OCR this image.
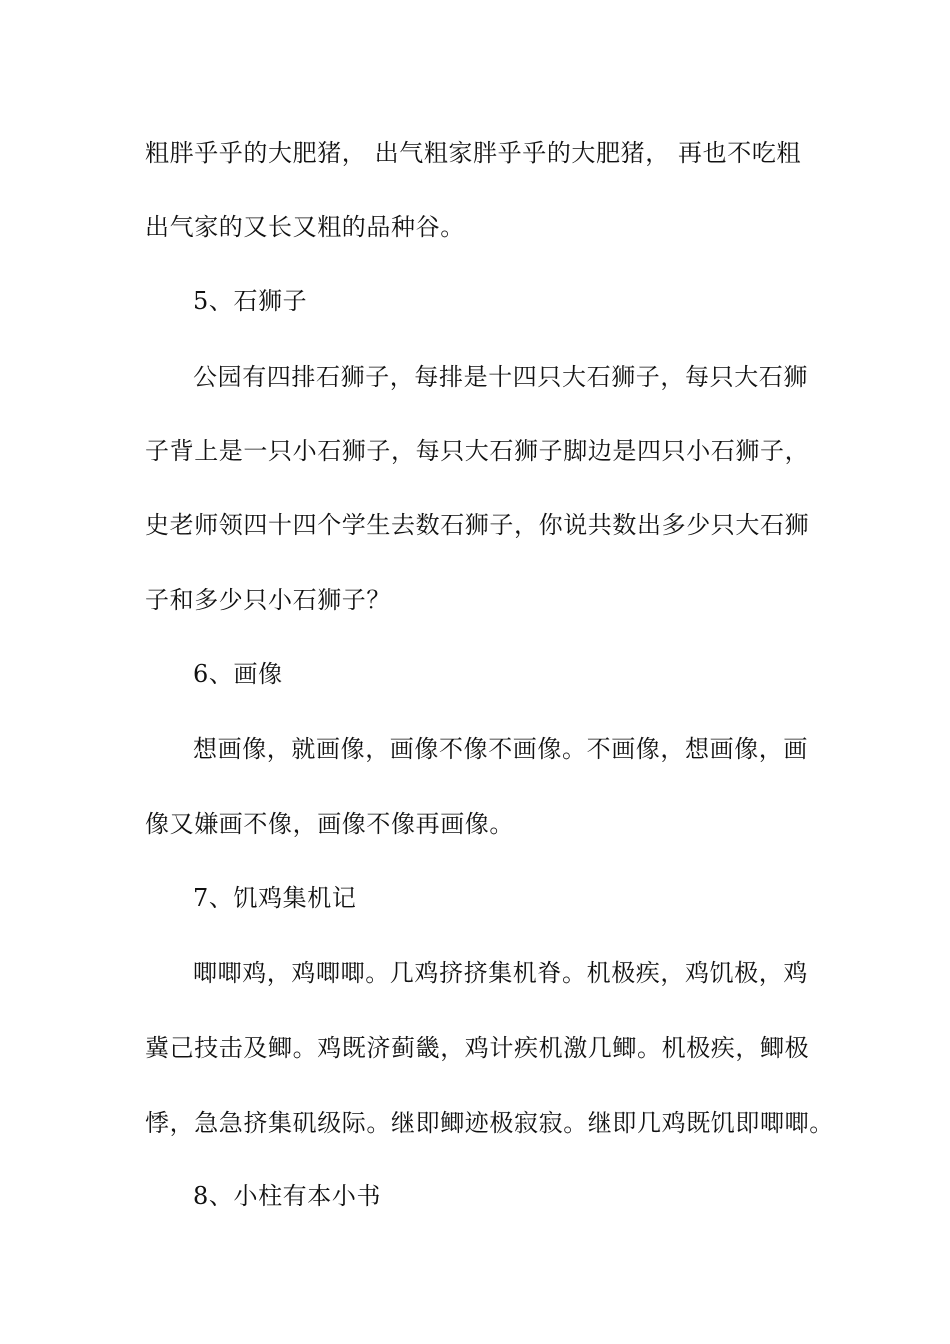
粗胖乎乎的大肥猪， 出气粗家胖乎乎的大肥猪， 再也不吃粗

出气家的又长又粗的品种谷。

5、石狮子

公园有四排石狮子，每排是十四只大石狮子，每只大石狮

子背上是一只小石狮子，每只大石狮子脚边是四只小石狮子，

史老师领四十四个学生去数石狮子，你说共数出多少只大石狮

子和多少只小石狮子？

6、画像

想画像，就画像，画像不像不画像。不画像，想画像，画

像又嫌画不像，画像不像再画像。

7、饥鸡集机记

唧唧鸡，鸡唧唧。几鸡挤挤集机脊。机极疾，鸡饥极，鸡

冀己技击及鲫。鸡既济蓟畿，鸡计疾机激几鲫。机极疾，鲫极

悸，急急挤集矶级际。继即鲫迹极寂寂。继即几鸡既饥即唧唧。

8、小柱有本小书
